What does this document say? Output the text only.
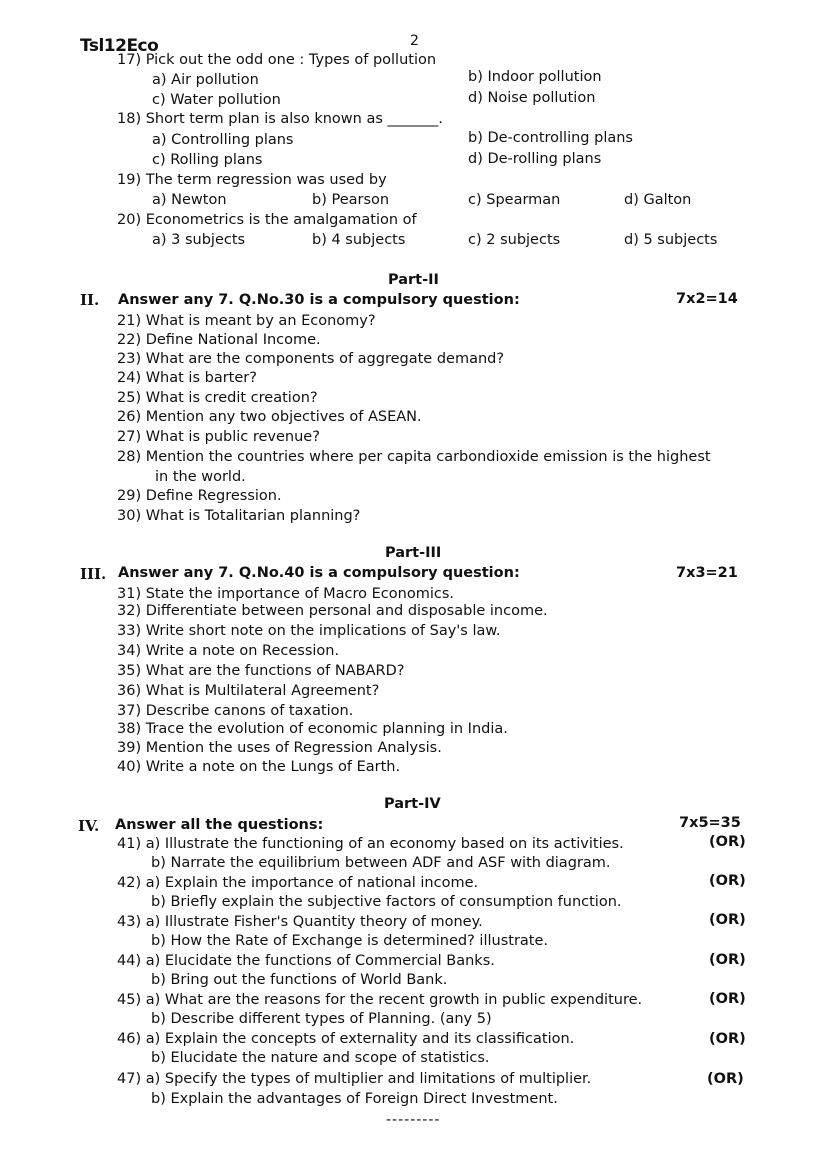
Tsl12Eco	2
17) Pick out the odd one : Types of pollution
a) Air pollution	b) Indoor pollution
c) Water pollution	d) Noise pollution
18) Short term plan is also known as _______.
a) Controlling plans	b) De-controlling plans
c) Rolling plans	d) De-rolling plans
19) The term regression was used by
a) Newton	b) Pearson	c) Spearman	d) Galton
20) Econometrics is the amalgamation of
a) 3 subjects	b) 4 subjects	c) 2 subjects	d) 5 subjects
Part-II
II. Answer any 7. Q.No.30 is a compulsory question:	7x2=14
21) What is meant by an Economy?
22) Define National Income.
23) What are the components of aggregate demand?
24) What is barter?
25) What is credit creation?
26) Mention any two objectives of ASEAN.
27) What is public revenue?
28) Mention the countries where per capita carbondioxide emission is the highest
in the world.
29) Define Regression.
30) What is Totalitarian planning?
Part-III
III. Answer any 7. Q.No.40 is a compulsory question:	7x3=21
31) State the importance of Macro Economics.
32) Differentiate between personal and disposable income.
33) Write short note on the implications of Say's law.
34) Write a note on Recession.
35) What are the functions of NABARD?
36) What is Multilateral Agreement?
37) Describe canons of taxation.
38) Trace the evolution of economic planning in India.
39) Mention the uses of Regression Analysis.
40) Write a note on the Lungs of Earth.
Part-IV
IV. Answer all the questions:	7x5=35
41) a) Illustrate the functioning of an economy based on its activities.	(OR)
b) Narrate the equilibrium between ADF and ASF with diagram.
42) a) Explain the importance of national income.	(OR)
b) Briefly explain the subjective factors of consumption function.
43) a) Illustrate Fisher's Quantity theory of money.	(OR)
b) How the Rate of Exchange is determined? illustrate.
44) a) Elucidate the functions of Commercial Banks.	(OR)
b) Bring out the functions of World Bank.
45) a) What are the reasons for the recent growth in public expenditure.	(OR)
b) Describe different types of Planning. (any 5)
46) a) Explain the concepts of externality and its classification.	(OR)
b) Elucidate the nature and scope of statistics.
47) a) Specify the types of multiplier and limitations of multiplier.	(OR)
b) Explain the advantages of Foreign Direct Investment.
---------
